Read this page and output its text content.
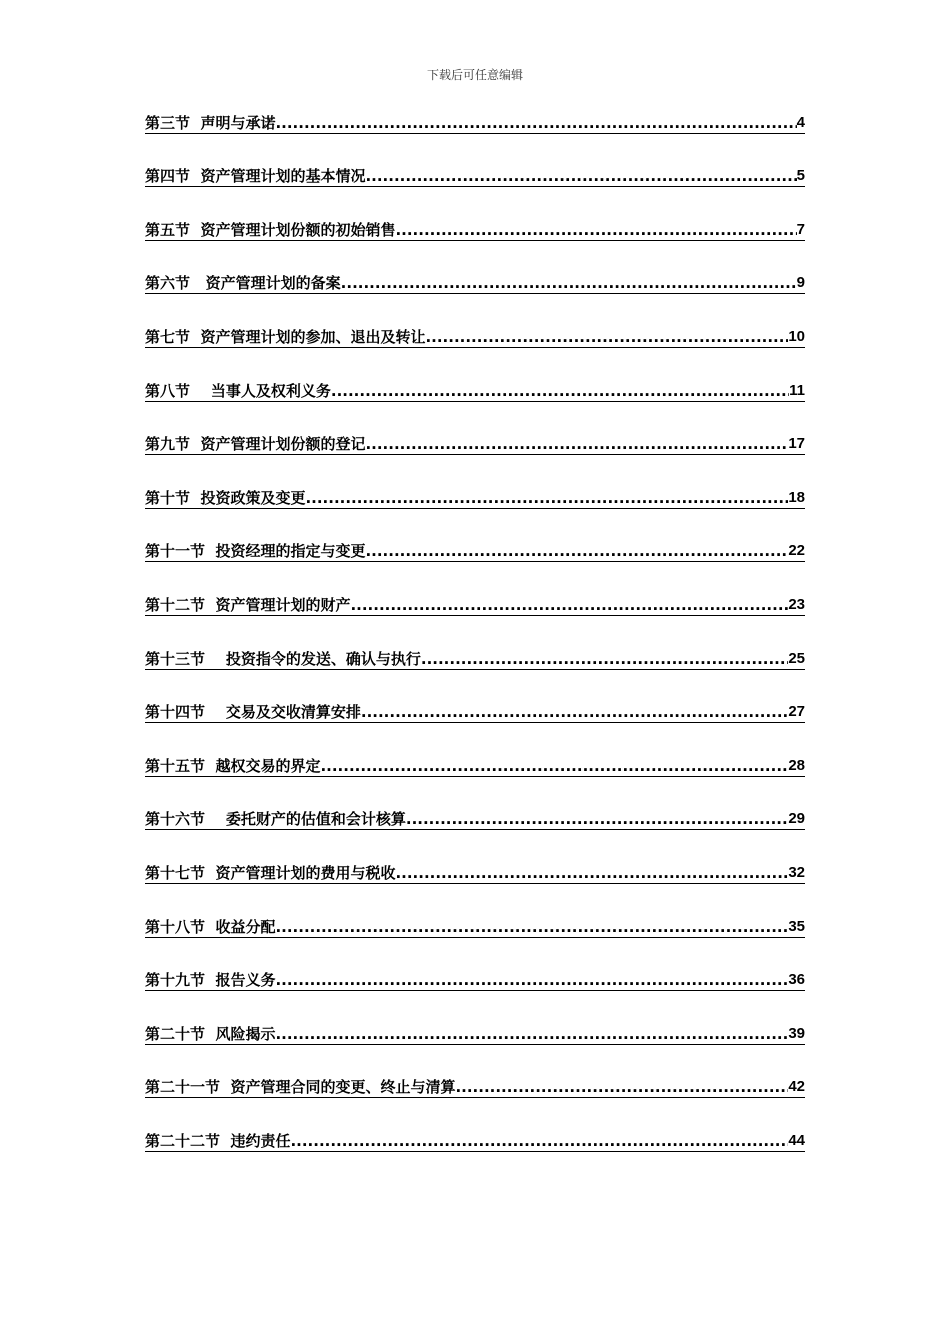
下载后可任意编辑
第三节  声明与承诺 .....	4
第四节  资产管理计划的基本情况 .....	5
第五节  资产管理计划份额的初始销售 .....	7
第六节   资产管理计划的备案 .....	9
第七节  资产管理计划的参加、退出及转让 .....	10
第八节    当事人及权利义务 .....	11
第九节  资产管理计划份额的登记 .....	17
第十节  投资政策及变更 .....	18
第十一节  投资经理的指定与变更 .....	22
第十二节  资产管理计划的财产 .....	23
第十三节    投资指令的发送、确认与执行 .....	25
第十四节    交易及交收清算安排 .....	27
第十五节  越权交易的界定 .....	28
第十六节    委托财产的估值和会计核算 .....	29
第十七节  资产管理计划的费用与税收 .....	32
第十八节  收益分配 .....	35
第十九节  报告义务 .....	36
第二十节  风险揭示 .....	39
第二十一节  资产管理合同的变更、终止与清算 .....	42
第二十二节  违约责任 .....	44
